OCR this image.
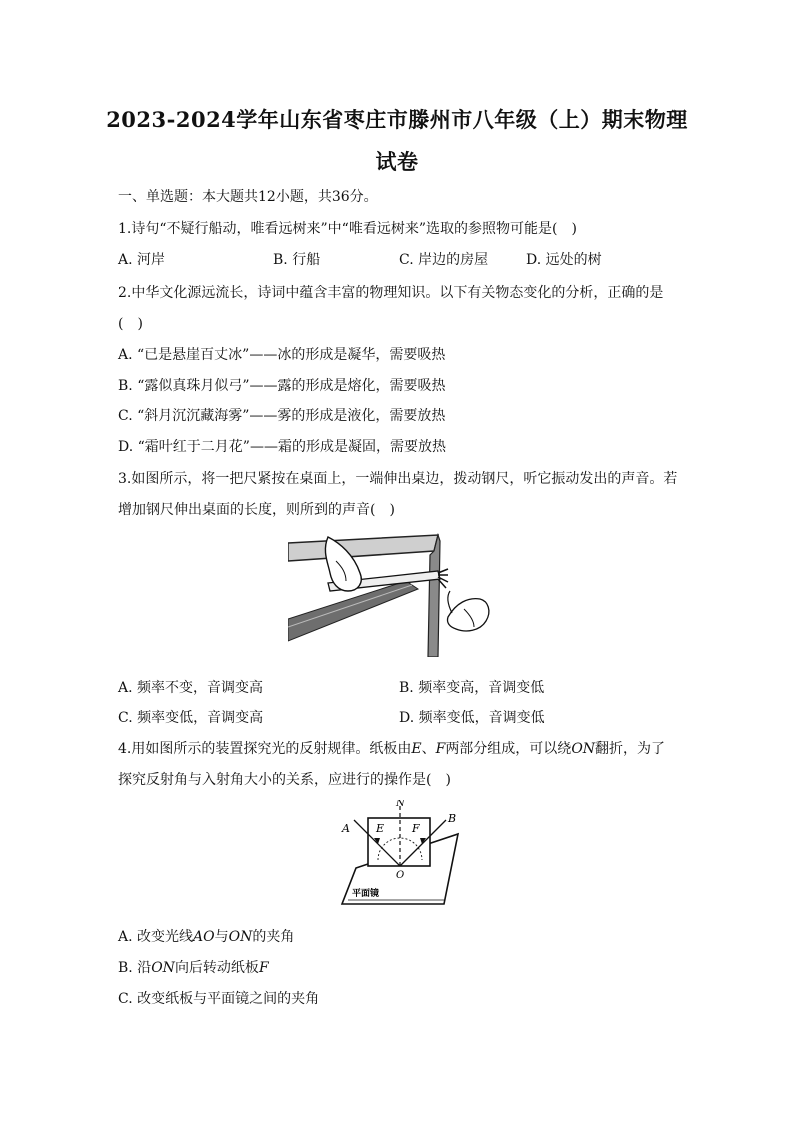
2023-2024学年山东省枣庄市滕州市八年级（上）期末物理
试卷
一、单选题：本大题共12小题，共36分。
1.诗句“不疑行船动，唯看远树来”中“唯看远树来”选取的参照物可能是(　)
A. 河岸	B. 行船	C. 岸边的房屋	D. 远处的树
2.中华文化源远流长，诗词中蕴含丰富的物理知识。以下有关物态变化的分析，正确的是
(　)
A. “已是悬崖百丈冰”——冰的形成是凝华，需要吸热
B. “露似真珠月似弓”——露的形成是熔化，需要吸热
C. “斜月沉沉藏海雾”——雾的形成是液化，需要放热
D. “霜叶红于二月花”——霜的形成是凝固，需要放热
3.如图所示，将一把尺紧按在桌面上，一端伸出桌边，拨动钢尺，听它振动发出的声音。若
增加钢尺伸出桌面的长度，则所到的声音(　)
A. 频率不变，音调变高	B. 频率变高，音调变低
C. 频率变低，音调变高	D. 频率变低，音调变低
4.用如图所示的装置探究光的反射规律。纸板由E、F两部分组成，可以绕ON翻折，为了
探究反射角与入射角大小的关系，应进行的操作是(　)
N
E	F
A
B
O
平面镜
A. 改变光线AO与ON的夹角
B. 沿ON向后转动纸板F
C. 改变纸板与平面镜之间的夹角
